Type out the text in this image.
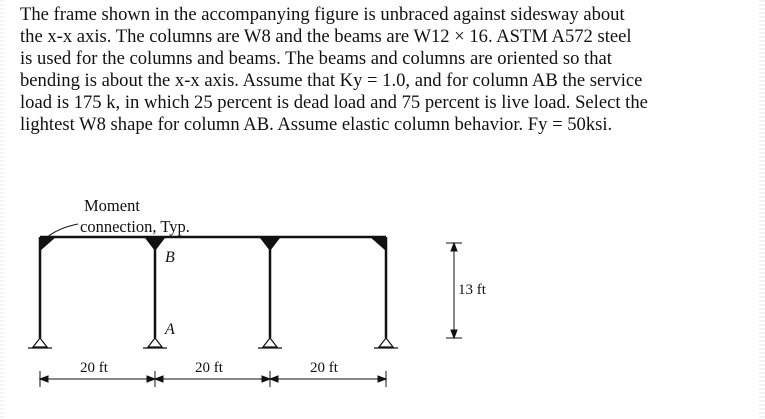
The frame shown in the accompanying figure is unbraced against sidesway about
the x-x axis. The columns are W8 and the beams are W12 × 16. ASTM A572 steel
is used for the columns and beams. The beams and columns are oriented so that
bending is about the x-x axis. Assume that Ky = 1.0, and for column AB the service
load is 175 k, in which 25 percent is dead load and 75 percent is live load. Select the
lightest W8 shape for column AB. Assume elastic column behavior. Fy = 50ksi.
Moment
connection, Typ.
B
A
13 ft
20 ft	20 ft	20 ft
